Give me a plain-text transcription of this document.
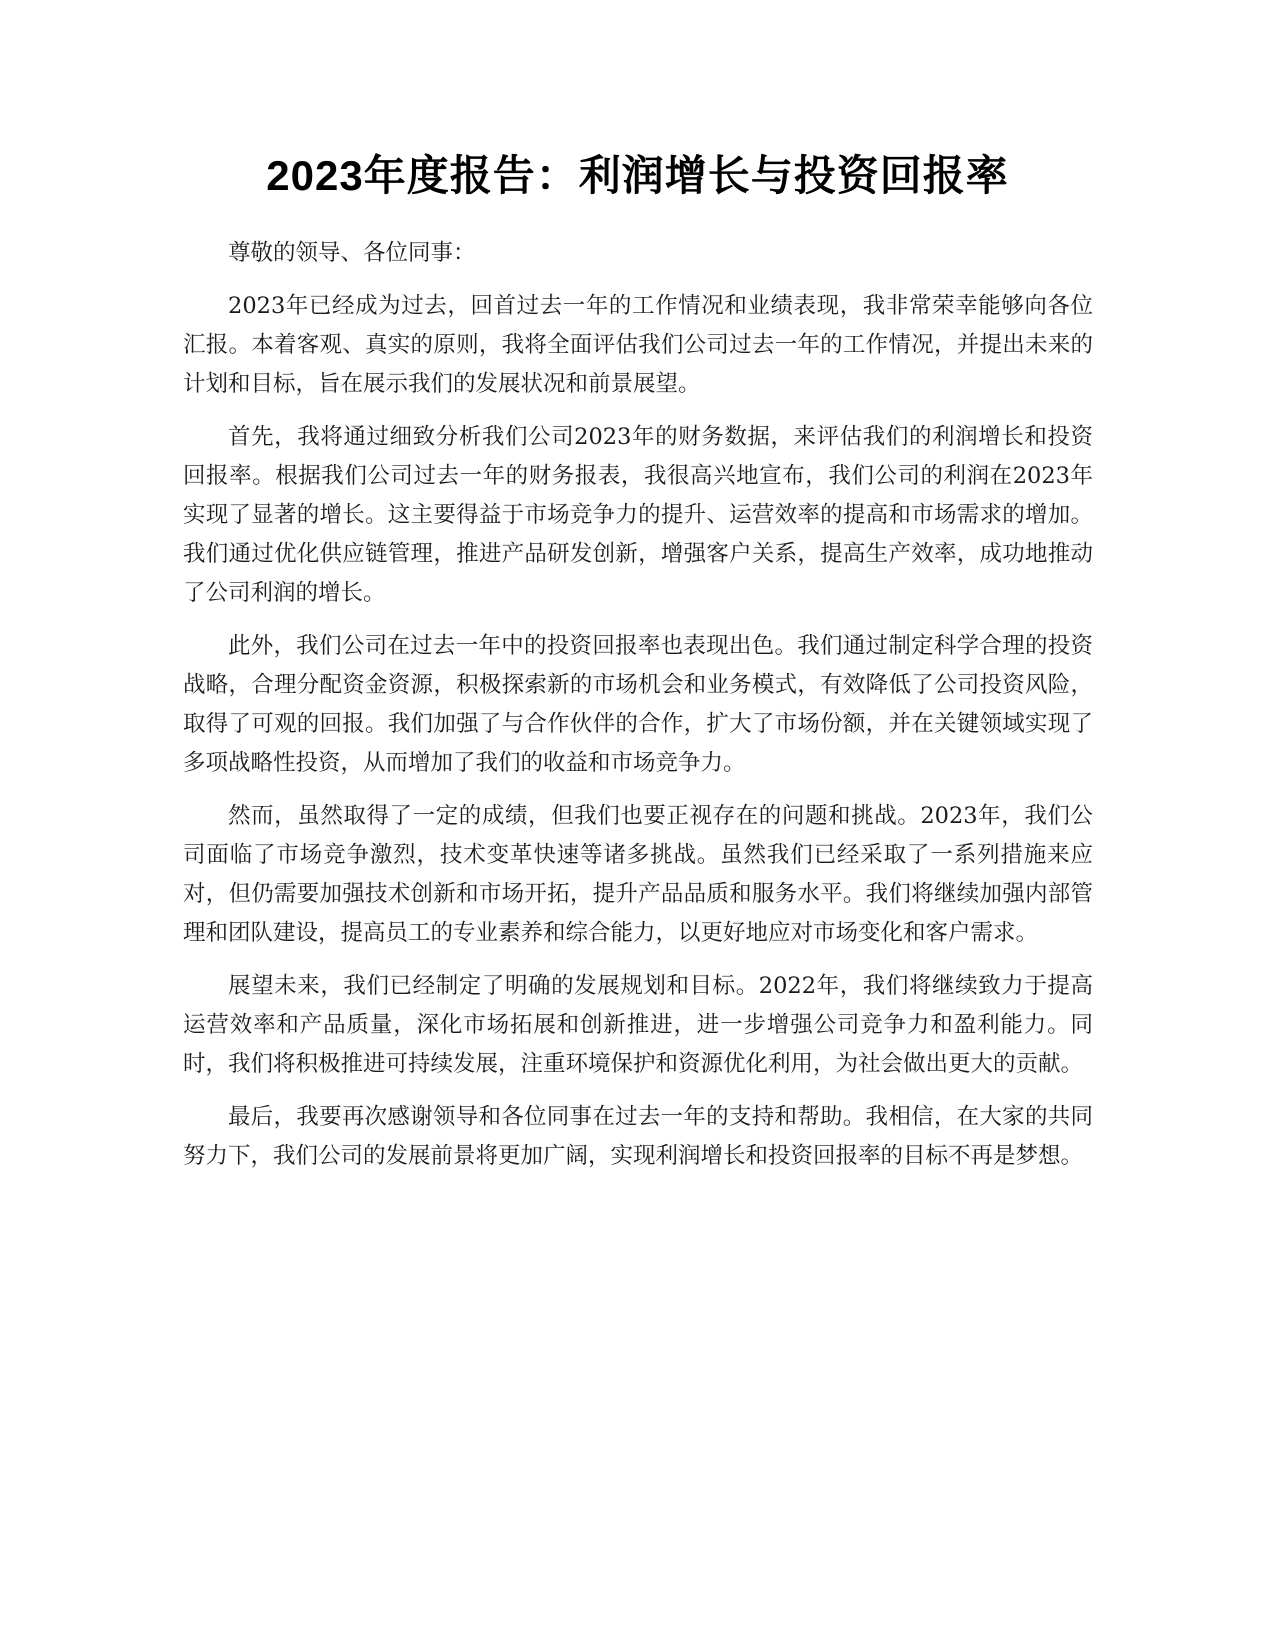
2023年度报告：利润增长与投资回报率

尊敬的领导、各位同事：

2023年已经成为过去，回首过去一年的工作情况和业绩表现，我非常荣幸能够向各位汇报。本着客观、真实的原则，我将全面评估我们公司过去一年的工作情况，并提出未来的计划和目标，旨在展示我们的发展状况和前景展望。

首先，我将通过细致分析我们公司2023年的财务数据，来评估我们的利润增长和投资回报率。根据我们公司过去一年的财务报表，我很高兴地宣布，我们公司的利润在2023年实现了显著的增长。这主要得益于市场竞争力的提升、运营效率的提高和市场需求的增加。我们通过优化供应链管理，推进产品研发创新，增强客户关系，提高生产效率，成功地推动了公司利润的增长。

此外，我们公司在过去一年中的投资回报率也表现出色。我们通过制定科学合理的投资战略，合理分配资金资源，积极探索新的市场机会和业务模式，有效降低了公司投资风险，取得了可观的回报。我们加强了与合作伙伴的合作，扩大了市场份额，并在关键领域实现了多项战略性投资，从而增加了我们的收益和市场竞争力。

然而，虽然取得了一定的成绩，但我们也要正视存在的问题和挑战。2023年，我们公司面临了市场竞争激烈，技术变革快速等诸多挑战。虽然我们已经采取了一系列措施来应对，但仍需要加强技术创新和市场开拓，提升产品品质和服务水平。我们将继续加强内部管理和团队建设，提高员工的专业素养和综合能力，以更好地应对市场变化和客户需求。

展望未来，我们已经制定了明确的发展规划和目标。2022年，我们将继续致力于提高运营效率和产品质量，深化市场拓展和创新推进，进一步增强公司竞争力和盈利能力。同时，我们将积极推进可持续发展，注重环境保护和资源优化利用，为社会做出更大的贡献。

最后，我要再次感谢领导和各位同事在过去一年的支持和帮助。我相信，在大家的共同努力下，我们公司的发展前景将更加广阔，实现利润增长和投资回报率的目标不再是梦想。
